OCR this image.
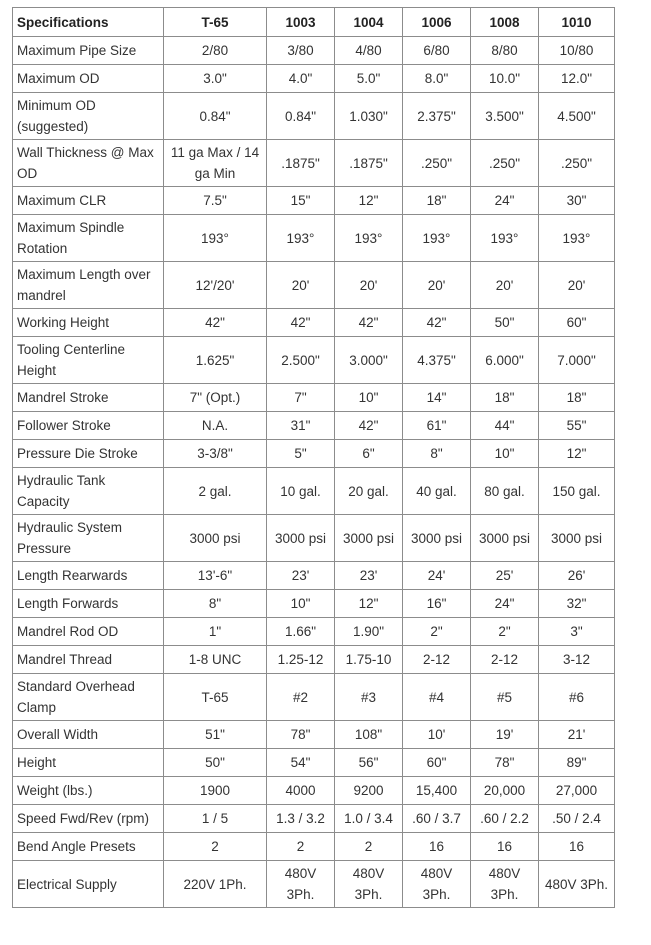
Specifications	T-65	1003	1004	1006	1008	1010
Maximum Pipe Size	2/80	3/80	4/80	6/80	8/80	10/80
Maximum OD	3.0"	4.0"	5.0"	8.0"	10.0"	12.0"
Minimum OD (suggested)	0.84"	0.84"	1.030"	2.375"	3.500"	4.500"
Wall Thickness @ Max OD	11 ga Max / 14 ga Min	.1875"	.1875"	.250"	.250"	.250"
Maximum CLR	7.5"	15"	12"	18"	24"	30"
Maximum Spindle Rotation	193°	193°	193°	193°	193°	193°
Maximum Length over mandrel	12'/20'	20'	20'	20'	20'	20'
Working Height	42"	42"	42"	42"	50"	60"
Tooling Centerline Height	1.625"	2.500"	3.000"	4.375"	6.000"	7.000"
Mandrel Stroke	7" (Opt.)	7"	10"	14"	18"	18"
Follower Stroke	N.A.	31"	42"	61"	44"	55"
Pressure Die Stroke	3-3/8"	5"	6"	8"	10"	12"
Hydraulic Tank Capacity	2 gal.	10 gal.	20 gal.	40 gal.	80 gal.	150 gal.
Hydraulic System Pressure	3000 psi	3000 psi	3000 psi	3000 psi	3000 psi	3000 psi
Length Rearwards	13'-6"	23'	23'	24'	25'	26'
Length Forwards	8"	10"	12"	16"	24"	32"
Mandrel Rod OD	1"	1.66"	1.90"	2"	2"	3"
Mandrel Thread	1-8 UNC	1.25-12	1.75-10	2-12	2-12	3-12
Standard Overhead Clamp	T-65	#2	#3	#4	#5	#6
Overall Width	51"	78"	108"	10'	19'	21'
Height	50"	54"	56"	60"	78"	89"
Weight (lbs.)	1900	4000	9200	15,400	20,000	27,000
Speed Fwd/Rev (rpm)	1 / 5	1.3 / 3.2	1.0 / 3.4	.60 / 3.7	.60 / 2.2	.50 / 2.4
Bend Angle Presets	2	2	2	16	16	16
Electrical Supply	220V 1Ph.	480V 3Ph.	480V 3Ph.	480V 3Ph.	480V 3Ph.	480V 3Ph.
